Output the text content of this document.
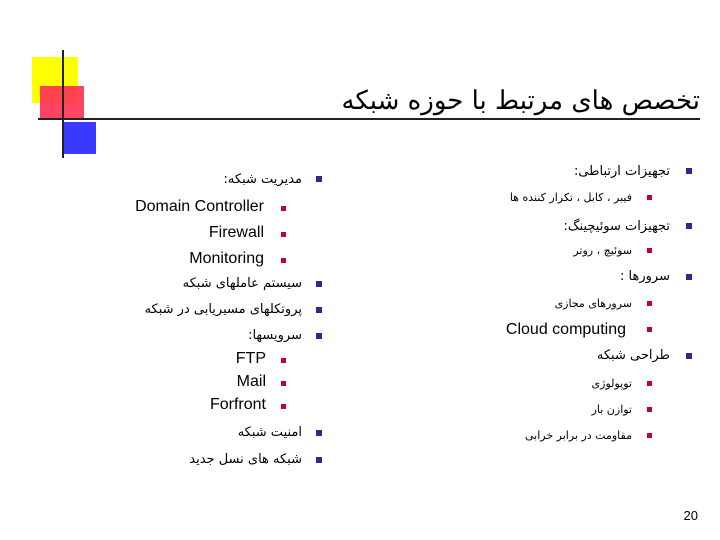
تخصص های مرتبط با حوزه شبکه
تجهیزات ارتباطی:
فیبر ، کابل ، تکرار کننده ها
تجهیزات سوئیچینگ:
سوئیچ ، روتر
سرورها :
سرورهای مجازی
Cloud computing
طراحی شبکه
توپولوژی
توازن بار
مقاومت در برابر خرابی
مدیریت شبکه:
Domain Controller
Firewall
Monitoring
سیستم عاملهای شبکه
پروتکلهای مسیریابی در شبکه
سرویسها:
FTP
Mail
Forfront
امنیت شبکه
شبکه های نسل جدید
20
